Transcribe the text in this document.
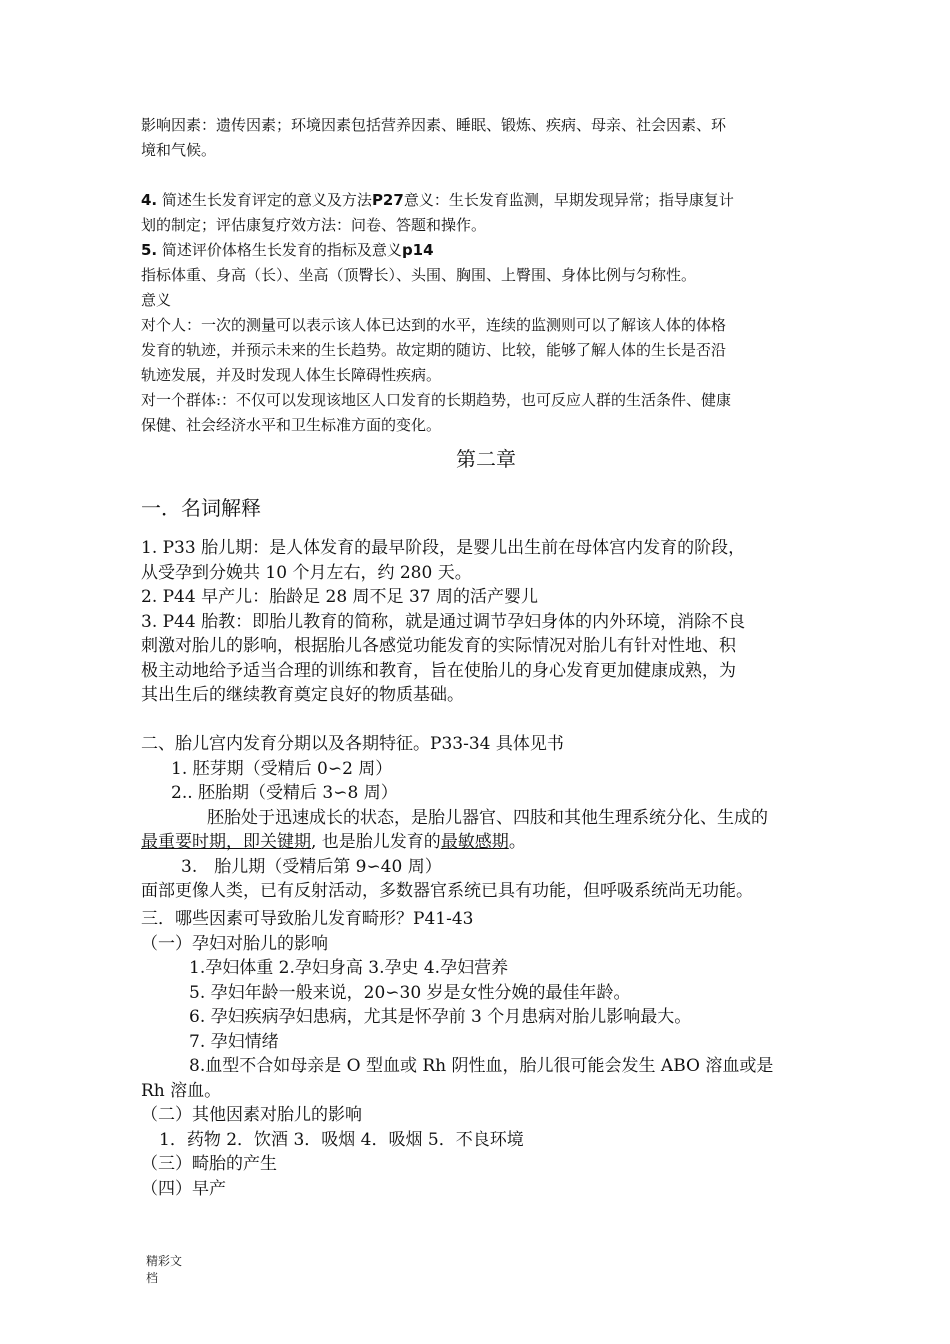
影响因素：遗传因素；环境因素包括营养因素、睡眠、锻炼、疾病、母亲、社会因素、环
境和气候。
4. 简述生长发育评定的意义及方法P27意义：生长发育监测，早期发现异常；指导康复计
划的制定；评估康复疗效方法：问卷、答题和操作。
5. 简述评价体格生长发育的指标及意义p14
指标体重、身高（长）、坐高（顶臀长）、头围、胸围、上臀围、身体比例与匀称性。
意义
对个人：一次的测量可以表示该人体已达到的水平，连续的监测则可以了解该人体的体格
发育的轨迹，并预示未来的生长趋势。故定期的随访、比较，能够了解人体的生长是否沿
轨迹发展，并及时发现人体生长障碍性疾病。
对一个群体:：不仅可以发现该地区人口发育的长期趋势，也可反应人群的生活条件、健康
保健、社会经济水平和卫生标准方面的变化。
第二章
一．名词解释
1. P33 胎儿期：是人体发育的最早阶段，是婴儿出生前在母体宫内发育的阶段，
从受孕到分娩共 10 个月左右，约 280 天。
2. P44 早产儿：胎龄足 28 周不足 37 周的活产婴儿
3. P44 胎教：即胎儿教育的简称，就是通过调节孕妇身体的内外环境，消除不良
刺激对胎儿的影响，根据胎儿各感觉功能发育的实际情况对胎儿有针对性地、积
极主动地给予适当合理的训练和教育，旨在使胎儿的身心发育更加健康成熟，为
其出生后的继续教育奠定良好的物质基础。
二、胎儿宫内发育分期以及各期特征。P33-34 具体见书
1. 胚芽期（受精后 0∽2 周）
2.. 胚胎期（受精后 3∽8 周）
胚胎处于迅速成长的状态，是胎儿器官、四肢和其他生理系统分化、生成的
最重要时期，即关键期, 也是胎儿发育的最敏感期。
3.　胎儿期（受精后第 9∽40 周）
面部更像人类，已有反射活动，多数器官系统已具有功能，但呼吸系统尚无功能。
三．哪些因素可导致胎儿发育畸形？P41-43
（一）孕妇对胎儿的影响
1.孕妇体重 2.孕妇身高 3.孕史 4.孕妇营养
5. 孕妇年龄一般来说，20∽30 岁是女性分娩的最佳年龄。
6. 孕妇疾病孕妇患病，尤其是怀孕前 3 个月患病对胎儿影响最大。
7. 孕妇情绪
8.血型不合如母亲是 O 型血或 Rh 阴性血，胎儿很可能会发生 ABO 溶血或是
Rh 溶血。
（二）其他因素对胎儿的影响
1．药物 2．饮酒 3．吸烟 4．吸烟 5．不良环境
（三）畸胎的产生
（四）早产
精彩文
档
